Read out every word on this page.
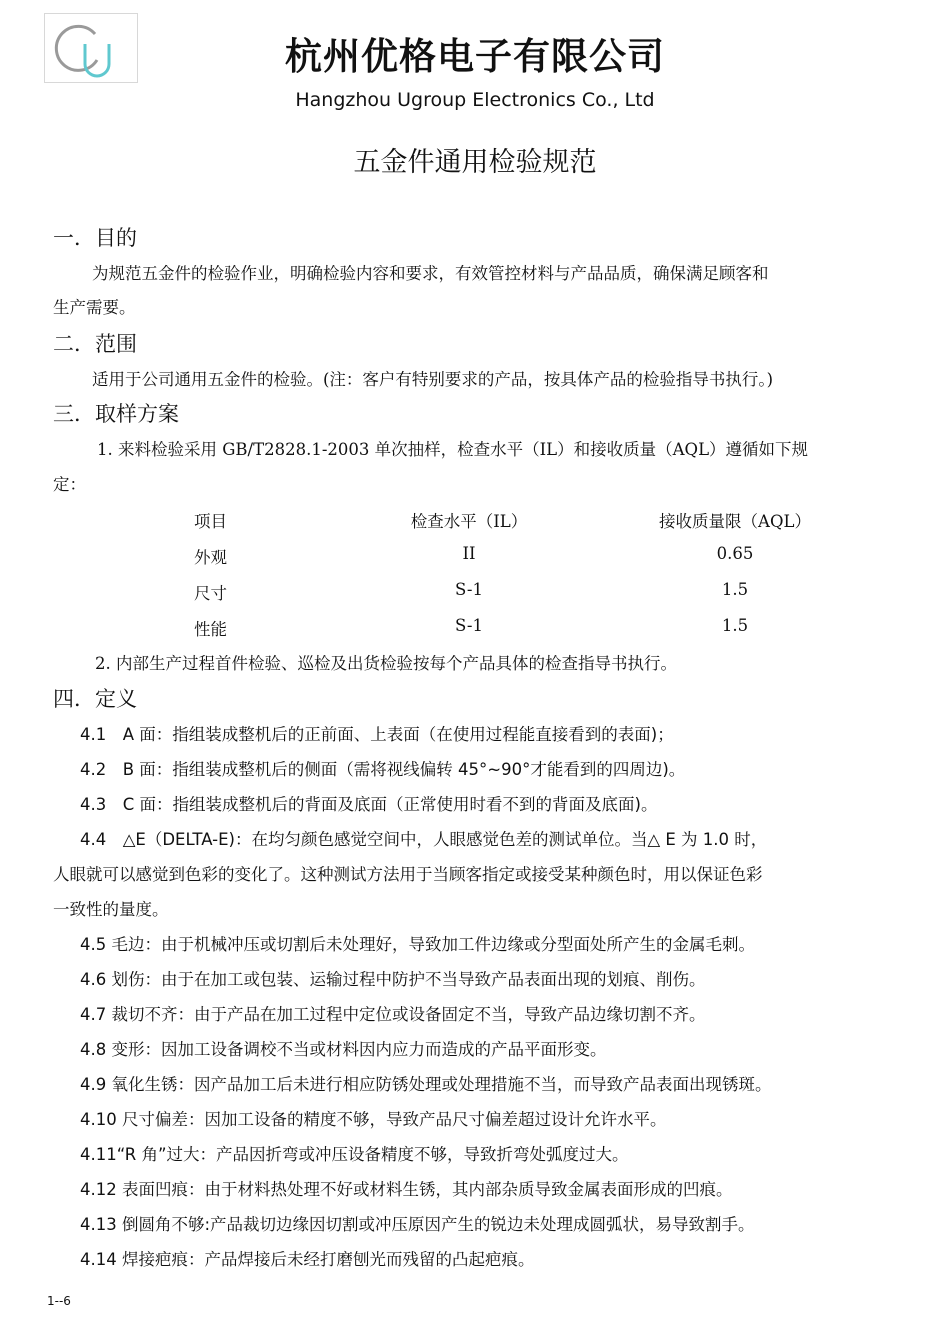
杭州优格电子有限公司
Hangzhou Ugroup Electronics Co., Ltd
五金件通用检验规范
一．目的
为规范五金件的检验作业，明确检验内容和要求，有效管控材料与产品品质，确保满足顾客和
生产需要。
二．范围
适用于公司通用五金件的检验。(注：客户有特别要求的产品，按具体产品的检验指导书执行。)
三．取样方案
1. 来料检验采用 GB/T2828.1-2003 单次抽样，检查水平（IL）和接收质量（AQL）遵循如下规
定：
项目	检查水平（IL）	接收质量限（AQL）
外观	II	0.65
尺寸	S-1	1.5
性能	S-1	1.5
2. 内部生产过程首件检验、巡检及出货检验按每个产品具体的检查指导书执行。
四．定义
4.1　A 面：指组装成整机后的正前面、上表面（在使用过程能直接看到的表面)；
4.2　B 面：指组装成整机后的侧面（需将视线偏转 45°~90°才能看到的四周边)。
4.3　C 面：指组装成整机后的背面及底面（正常使用时看不到的背面及底面)。
4.4　△E（DELTA-E)：在均匀颜色感觉空间中，人眼感觉色差的测试单位。当△ E 为 1.0 时，
人眼就可以感觉到色彩的变化了。这种测试方法用于当顾客指定或接受某种颜色时，用以保证色彩
一致性的量度。
4.5 毛边：由于机械冲压或切割后未处理好，导致加工件边缘或分型面处所产生的金属毛刺。
4.6 划伤：由于在加工或包装、运输过程中防护不当导致产品表面出现的划痕、削伤。
4.7 裁切不齐：由于产品在加工过程中定位或设备固定不当，导致产品边缘切割不齐。
4.8 变形：因加工设备调校不当或材料因内应力而造成的产品平面形变。
4.9 氧化生锈：因产品加工后未进行相应防锈处理或处理措施不当，而导致产品表面出现锈斑。
4.10 尺寸偏差：因加工设备的精度不够，导致产品尺寸偏差超过设计允许水平。
4.11“R 角”过大：产品因折弯或冲压设备精度不够，导致折弯处弧度过大。
4.12 表面凹痕：由于材料热处理不好或材料生锈，其内部杂质导致金属表面形成的凹痕。
4.13 倒圆角不够:产品裁切边缘因切割或冲压原因产生的锐边未处理成圆弧状，易导致割手。
4.14 焊接疤痕：产品焊接后未经打磨刨光而残留的凸起疤痕。
1--6
